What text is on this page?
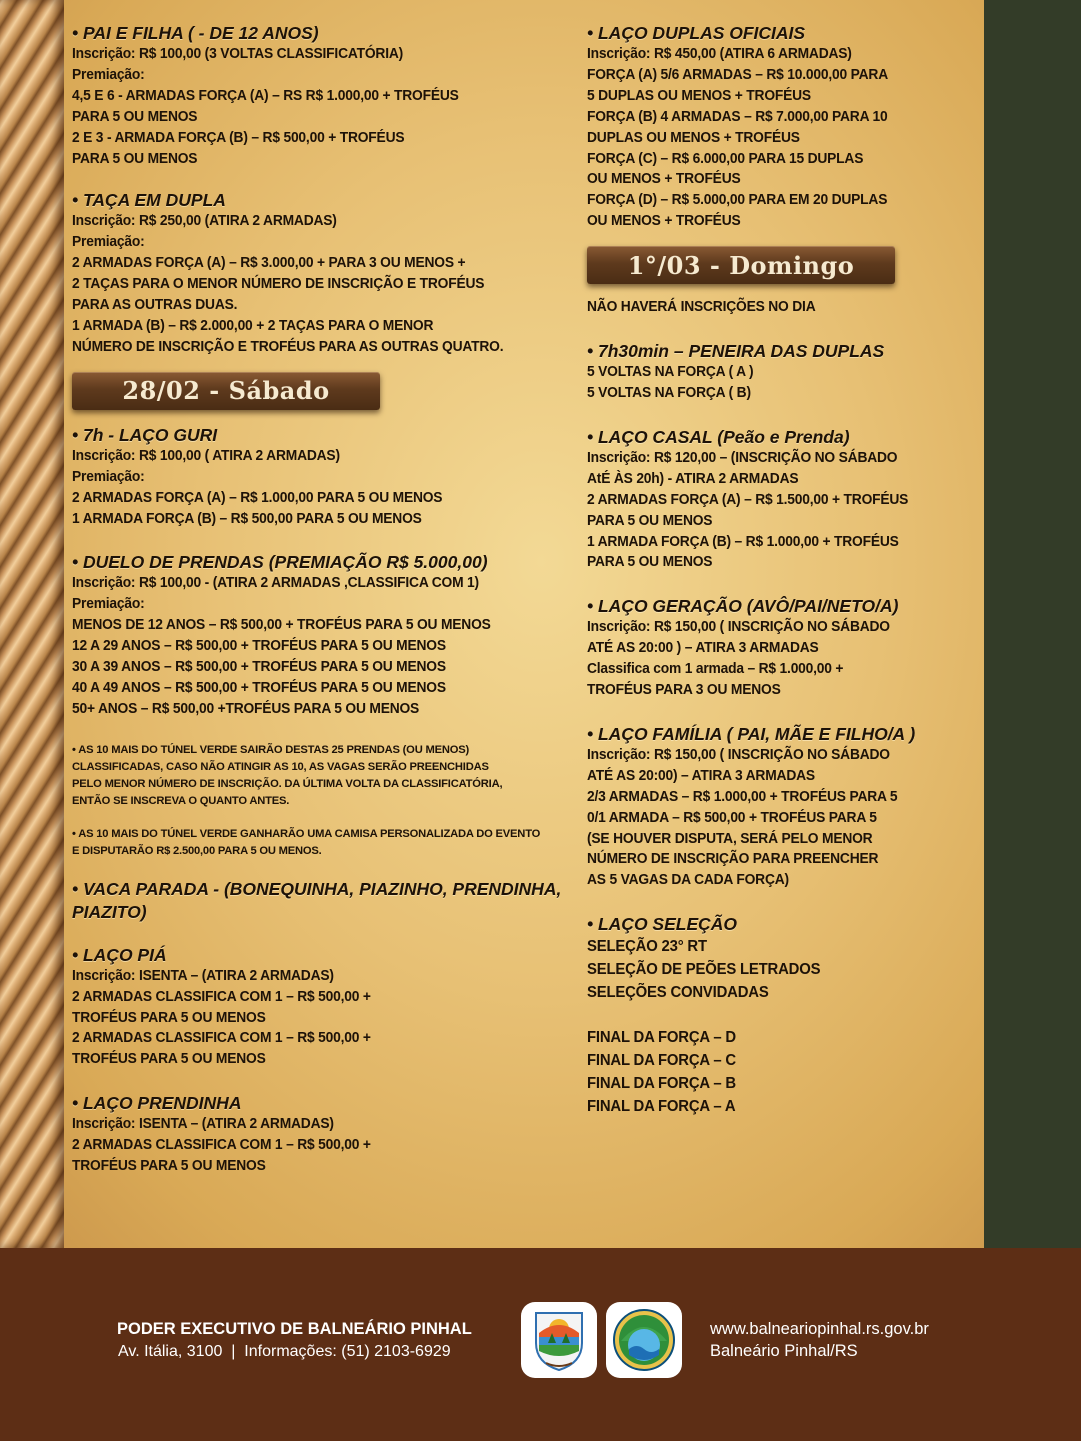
• PAI E FILHA ( - DE 12 ANOS)

Inscrição: R$ 100,00 (3 VOLTAS CLASSIFICATÓRIA)

Premiação:

4,5 E 6 - ARMADAS FORÇA (A) – RS R$ 1.000,00 + TROFÉUS

PARA 5 OU MENOS

2 E 3 - ARMADA FORÇA (B) – R$ 500,00 + TROFÉUS

PARA 5 OU MENOS

• TAÇA EM DUPLA

Inscrição: R$ 250,00 (ATIRA 2 ARMADAS)

Premiação:

2 ARMADAS FORÇA (A) – R$ 3.000,00 + PARA 3 OU MENOS +

2 TAÇAS PARA O MENOR NÚMERO DE INSCRIÇÃO E TROFÉUS

PARA AS OUTRAS DUAS.

1 ARMADA (B) – R$ 2.000,00 + 2 TAÇAS PARA O MENOR

NÚMERO DE INSCRIÇÃO E TROFÉUS PARA AS OUTRAS QUATRO.

28/02 - Sábado

• 7h - LAÇO GURI

Inscrição: R$ 100,00 ( ATIRA 2 ARMADAS)

Premiação:

2 ARMADAS FORÇA (A) – R$ 1.000,00 PARA 5 OU MENOS

1 ARMADA FORÇA (B) – R$ 500,00 PARA 5 OU MENOS

• DUELO DE PRENDAS (PREMIAÇÃO R$ 5.000,00)

Inscrição: R$ 100,00 - (ATIRA 2 ARMADAS ,CLASSIFICA COM 1)

Premiação:

MENOS DE 12 ANOS – R$ 500,00 + TROFÉUS PARA 5 OU MENOS

12 A 29 ANOS – R$ 500,00 + TROFÉUS PARA 5 OU MENOS

30 A 39 ANOS – R$ 500,00 + TROFÉUS PARA 5 OU MENOS

40 A 49 ANOS – R$ 500,00 + TROFÉUS PARA 5 OU MENOS

50+ ANOS – R$ 500,00 +TROFÉUS PARA 5 OU MENOS

• AS 10 MAIS DO TÚNEL VERDE SAIRÃO DESTAS 25 PRENDAS (OU MENOS)

CLASSIFICADAS, CASO NÃO ATINGIR AS 10, AS VAGAS SERÃO PREENCHIDAS

PELO MENOR NÚMERO DE INSCRIÇÃO. DA ÚLTIMA VOLTA DA CLASSIFICATÓRIA,

ENTÃO SE INSCREVA O QUANTO ANTES.

• AS 10 MAIS DO TÚNEL VERDE GANHARÃO UMA CAMISA PERSONALIZADA DO EVENTO

E DISPUTARÃO R$ 2.500,00 PARA 5 OU MENOS.

• VACA PARADA - (BONEQUINHA, PIAZINHO, PRENDINHA,

PIAZITO)

• LAÇO PIÁ

Inscrição: ISENTA – (ATIRA 2 ARMADAS)

2 ARMADAS CLASSIFICA COM 1 – R$ 500,00 +

TROFÉUS PARA 5 OU MENOS

2 ARMADAS CLASSIFICA COM 1 – R$ 500,00 +

TROFÉUS PARA 5 OU MENOS

• LAÇO PRENDINHA

Inscrição: ISENTA – (ATIRA 2 ARMADAS)

2 ARMADAS CLASSIFICA COM 1 – R$ 500,00 +

TROFÉUS PARA 5 OU MENOS

• LAÇO DUPLAS OFICIAIS

Inscrição: R$ 450,00 (ATIRA 6 ARMADAS)

FORÇA (A) 5/6 ARMADAS – R$ 10.000,00 PARA

5 DUPLAS OU MENOS + TROFÉUS

FORÇA (B) 4 ARMADAS – R$ 7.000,00 PARA 10

DUPLAS OU MENOS + TROFÉUS

FORÇA (C) – R$ 6.000,00 PARA 15 DUPLAS

OU MENOS + TROFÉUS

FORÇA (D) – R$ 5.000,00 PARA EM 20 DUPLAS

OU MENOS + TROFÉUS

1°/03 - Domingo

NÃO HAVERÁ INSCRIÇÕES NO DIA

• 7h30min – PENEIRA DAS DUPLAS

5 VOLTAS NA FORÇA ( A )

5 VOLTAS NA FORÇA ( B)

• LAÇO CASAL (Peão e Prenda)

Inscrição: R$ 120,00 – (INSCRIÇÃO NO SÁBADO

AtÉ ÀS 20h) - ATIRA 2 ARMADAS

2 ARMADAS FORÇA (A) – R$ 1.500,00 + TROFÉUS

PARA 5 OU MENOS

1 ARMADA FORÇA (B) – R$ 1.000,00 + TROFÉUS

PARA 5 OU MENOS

• LAÇO GERAÇÃO (AVÔ/PAI/NETO/A)

Inscrição: R$ 150,00 ( INSCRIÇÃO NO SÁBADO

ATÉ AS 20:00 ) – ATIRA 3 ARMADAS

Classifica com 1 armada – R$ 1.000,00 +

TROFÉUS PARA 3 OU MENOS

• LAÇO FAMÍLIA ( PAI, MÃE E FILHO/A )

Inscrição: R$ 150,00 ( INSCRIÇÃO NO SÁBADO

ATÉ AS 20:00) – ATIRA 3 ARMADAS

2/3 ARMADAS – R$ 1.000,00 + TROFÉUS PARA 5

0/1 ARMADA – R$ 500,00 + TROFÉUS PARA 5

(SE HOUVER DISPUTA, SERÁ PELO MENOR

NÚMERO DE INSCRIÇÃO PARA PREENCHER

AS 5 VAGAS DA CADA FORÇA)

• LAÇO SELEÇÃO

SELEÇÃO 23° RT

SELEÇÃO DE PEÕES LETRADOS

SELEÇÕES CONVIDADAS

FINAL DA FORÇA – D

FINAL DA FORÇA – C

FINAL DA FORÇA – B

FINAL DA FORÇA – A

PODER EXECUTIVO DE BALNEÁRIO PINHAL
Av. Itália, 3100  |  Informações: (51) 2103-6929
www.balneariopinhal.rs.gov.br
Balneário Pinhal/RS
